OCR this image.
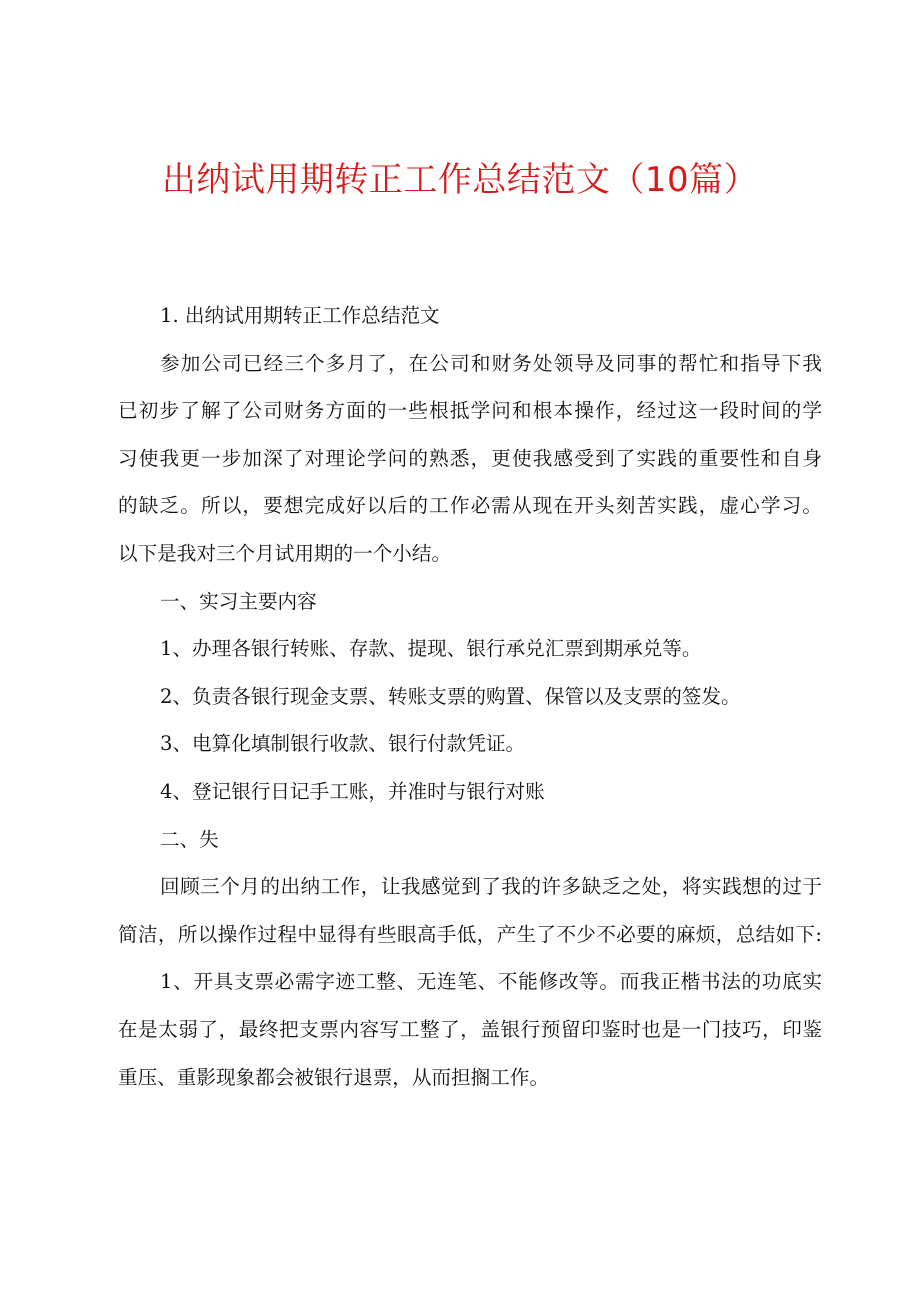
出纳试用期转正工作总结范文（10篇）
1. 出纳试用期转正工作总结范文
参加公司已经三个多月了，在公司和财务处领导及同事的帮忙和指导下我
已初步了解了公司财务方面的一些根抵学问和根本操作，经过这一段时间的学
习使我更一步加深了对理论学问的熟悉，更使我感受到了实践的重要性和自身
的缺乏。所以，要想完成好以后的工作必需从现在开头刻苦实践，虚心学习。
以下是我对三个月试用期的一个小结。
一、实习主要内容
1、办理各银行转账、存款、提现、银行承兑汇票到期承兑等。
2、负责各银行现金支票、转账支票的购置、保管以及支票的签发。
3、电算化填制银行收款、银行付款凭证。
4、登记银行日记手工账，并准时与银行对账
二、失
回顾三个月的出纳工作，让我感觉到了我的许多缺乏之处，将实践想的过于
简洁，所以操作过程中显得有些眼高手低，产生了不少不必要的麻烦，总结如下:
1、开具支票必需字迹工整、无连笔、不能修改等。而我正楷书法的功底实
在是太弱了，最终把支票内容写工整了，盖银行预留印鉴时也是一门技巧，印鉴
重压、重影现象都会被银行退票，从而担搁工作。
